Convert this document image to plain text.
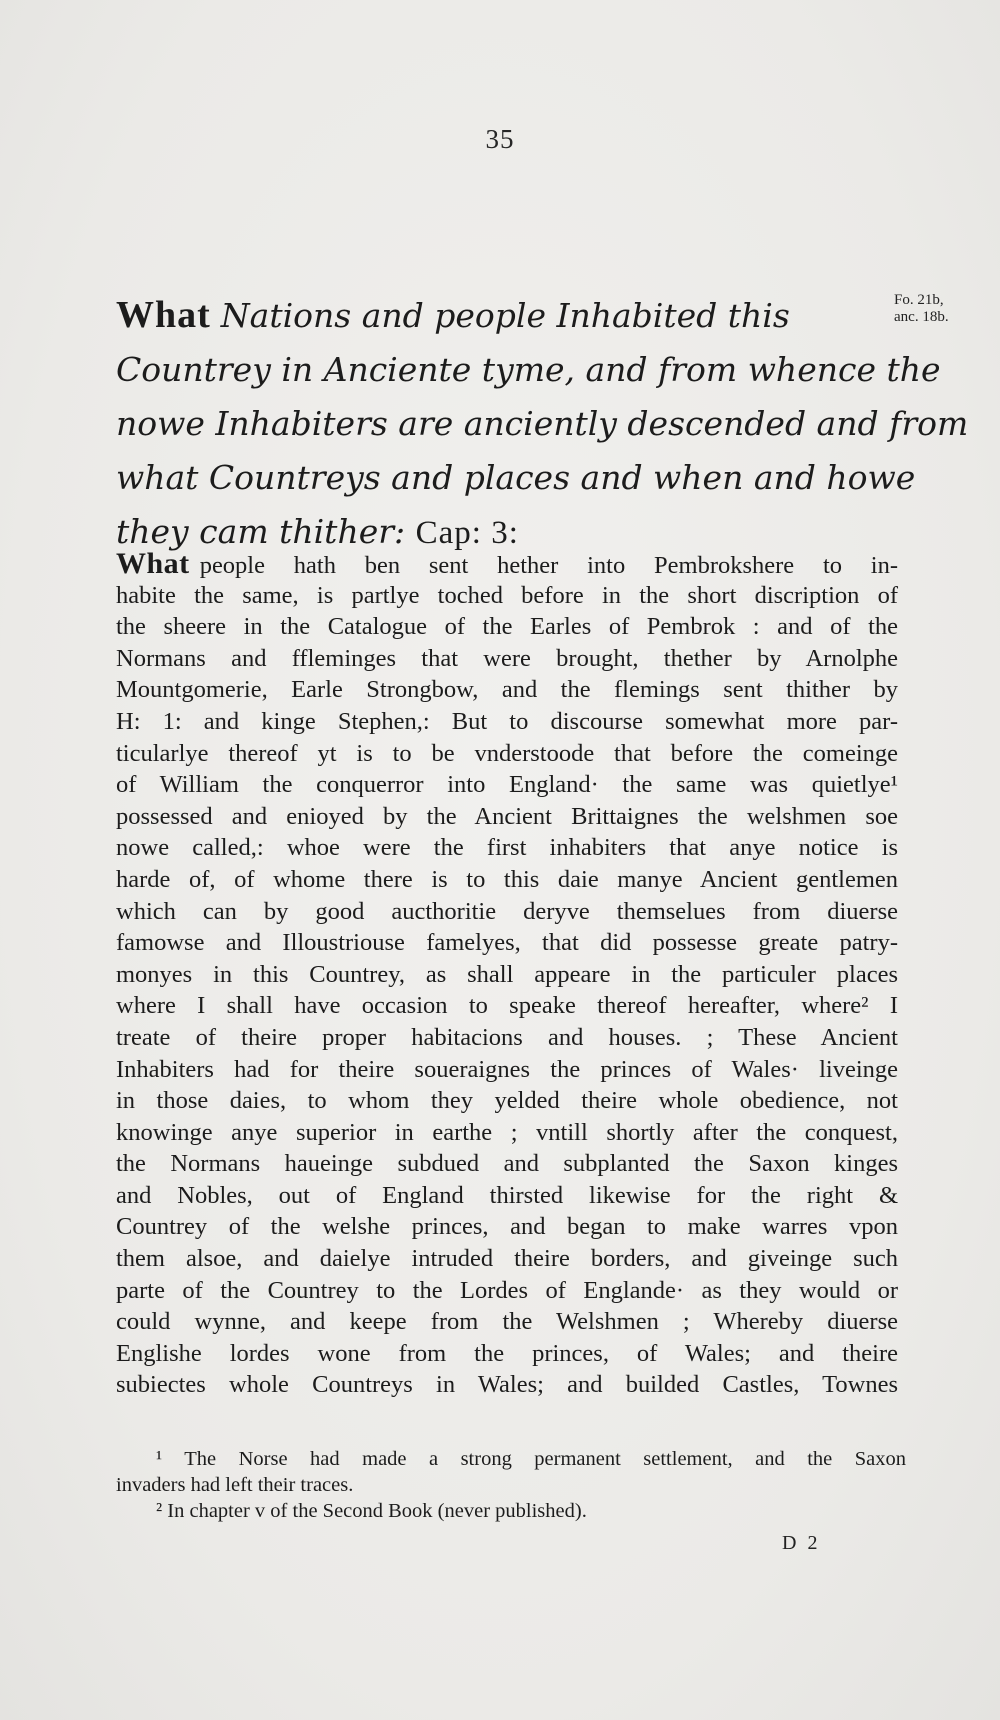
35
Fo. 21b,
anc. 18b.
What Nations and people Inhabited this
Countrey in Anciente tyme, and from whence the
nowe Inhabiters are anciently descended and from
what Countreys and places and when and howe
they cam thither: Cap: 3:
What people hath ben sent hether into Pembrokshere to in-
habite the same, is partlye toched before in the short discription of
the sheere in the Catalogue of the Earles of Pembrok : and of the
Normans and ffleminges that were brought, thether by Arnolphe
Mountgomerie, Earle Strongbow, and the flemings sent thither by
H: 1: and kinge Stephen,: But to discourse somewhat more par-
ticularlye thereof yt is to be vnderstoode that before the comeinge
of William the conquerror into England· the same was quietlye¹
possessed and enioyed by the Ancient Brittaignes the welshmen soe
nowe called,: whoe were the first inhabiters that anye notice is
harde of, of whome there is to this daie manye Ancient gentlemen
which can by good aucthoritie deryve themselues from diuerse
famowse and Illoustriouse famelyes, that did possesse greate patry-
monyes in this Countrey, as shall appeare in the particuler places
where I shall have occasion to speake thereof hereafter, where² I
treate of theire proper habitacions and houses. ; These Ancient
Inhabiters had for theire soueraignes the princes of Wales· liveinge
in those daies, to whom they yelded theire whole obedience, not
knowinge anye superior in earthe ; vntill shortly after the conquest,
the Normans haueinge subdued and subplanted the Saxon kinges
and Nobles, out of England thirsted likewise for the right &
Countrey of the welshe princes, and began to make warres vpon
them alsoe, and daielye intruded theire borders, and giveinge such
parte of the Countrey to the Lordes of Englande· as they would or
could wynne, and keepe from the Welshmen ; Whereby diuerse
Englishe lordes wone from the princes, of Wales; and theire
subiectes whole Countreys in Wales; and builded Castles, Townes
¹ The Norse had made a strong permanent settlement, and the Saxon
invaders had left their traces.
² In chapter v of the Second Book (never published).
D 2
